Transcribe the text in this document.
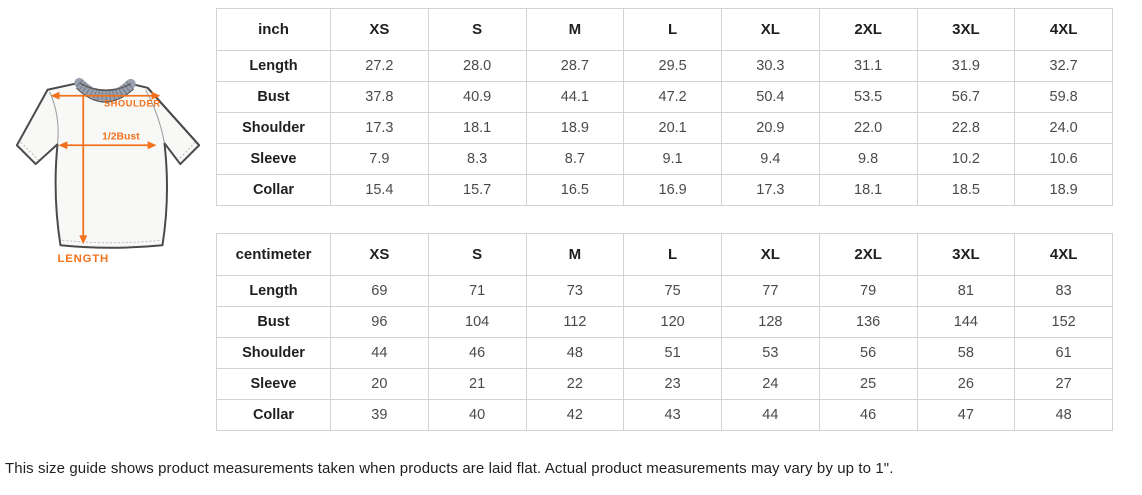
SHOULDER
1/2Bust
LENGTH
inch	XS	S	M	L	XL	2XL	3XL	4XL
Length	27.2	28.0	28.7	29.5	30.3	31.1	31.9	32.7
Bust	37.8	40.9	44.1	47.2	50.4	53.5	56.7	59.8
Shoulder	17.3	18.1	18.9	20.1	20.9	22.0	22.8	24.0
Sleeve	7.9	8.3	8.7	9.1	9.4	9.8	10.2	10.6
Collar	15.4	15.7	16.5	16.9	17.3	18.1	18.5	18.9
centimeter	XS	S	M	L	XL	2XL	3XL	4XL
Length	69	71	73	75	77	79	81	83
Bust	96	104	112	120	128	136	144	152
Shoulder	44	46	48	51	53	56	58	61
Sleeve	20	21	22	23	24	25	26	27
Collar	39	40	42	43	44	46	47	48
This size guide shows product measurements taken when products are laid flat. Actual product measurements may vary by up to 1".
